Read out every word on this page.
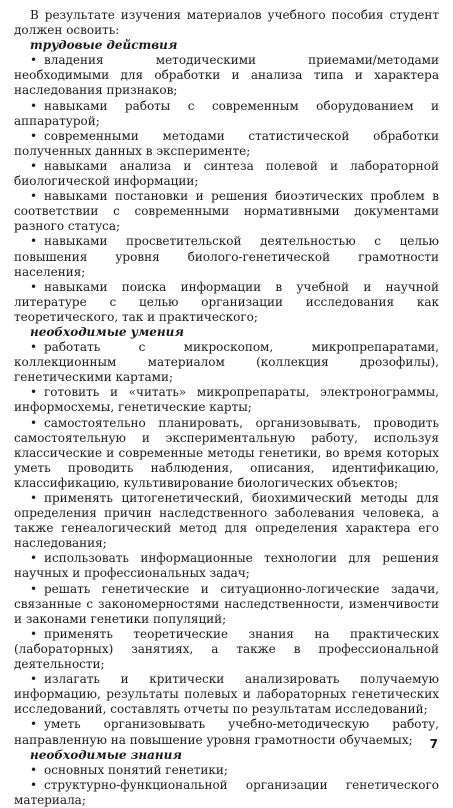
В результате изучения материалов учебного пособия студент должен освоить:

трудовые действия

• владения методическими приемами/методами необходимыми для обработки и анализа типа и характера наследования признаков;

• навыками работы с современным оборудованием и аппаратурой;

• современными методами статистической обработки полученных данных в эксперименте;

• навыками анализа и синтеза полевой и лабораторной биологической информации;

• навыками постановки и решения биоэтических проблем в соответствии с современными нормативными документами разного статуса;

• навыками просветительской деятельностью с целью повышения уровня биолого-генетической грамотности населения;

• навыками поиска информации в учебной и научной литературе с целью организации исследования как теоретического, так и практического;

необходимые умения

• работать с микроскопом, микропрепаратами, коллекционным материалом (коллекция дрозофилы), генетическими картами;

• готовить и «читать» микропрепараты, электронограммы, информосхемы, генетические карты;

• самостоятельно планировать, организовывать, проводить самостоятельную и экспериментальную работу, используя классические и современные методы генетики, во время которых уметь проводить наблюдения, описания, идентификацию, классификацию, культивирование биологических объектов;

• применять цитогенетический, биохимический методы для определения причин наследственного заболевания человека, а также генеалогический метод для определения характера его наследования;

• использовать информационные технологии для решения научных и профессиональных задач;

• решать генетические и ситуационно-логические задачи, связанные с закономерностями наследственности, изменчивости и законами генетики популяций;

• применять теоретические знания на практических (лабораторных) занятиях, а также в профессиональной деятельности;

• излагать и критически анализировать получаемую информацию, результаты полевых и лабораторных генетических исследований, составлять отчеты по результатам исследований;

• уметь организовывать учебно-методическую работу, направленную на повышение уровня грамотности обучаемых;

необходимые знания

• основных понятий генетики;

• структурно-функциональной организации генетического материала;

7
